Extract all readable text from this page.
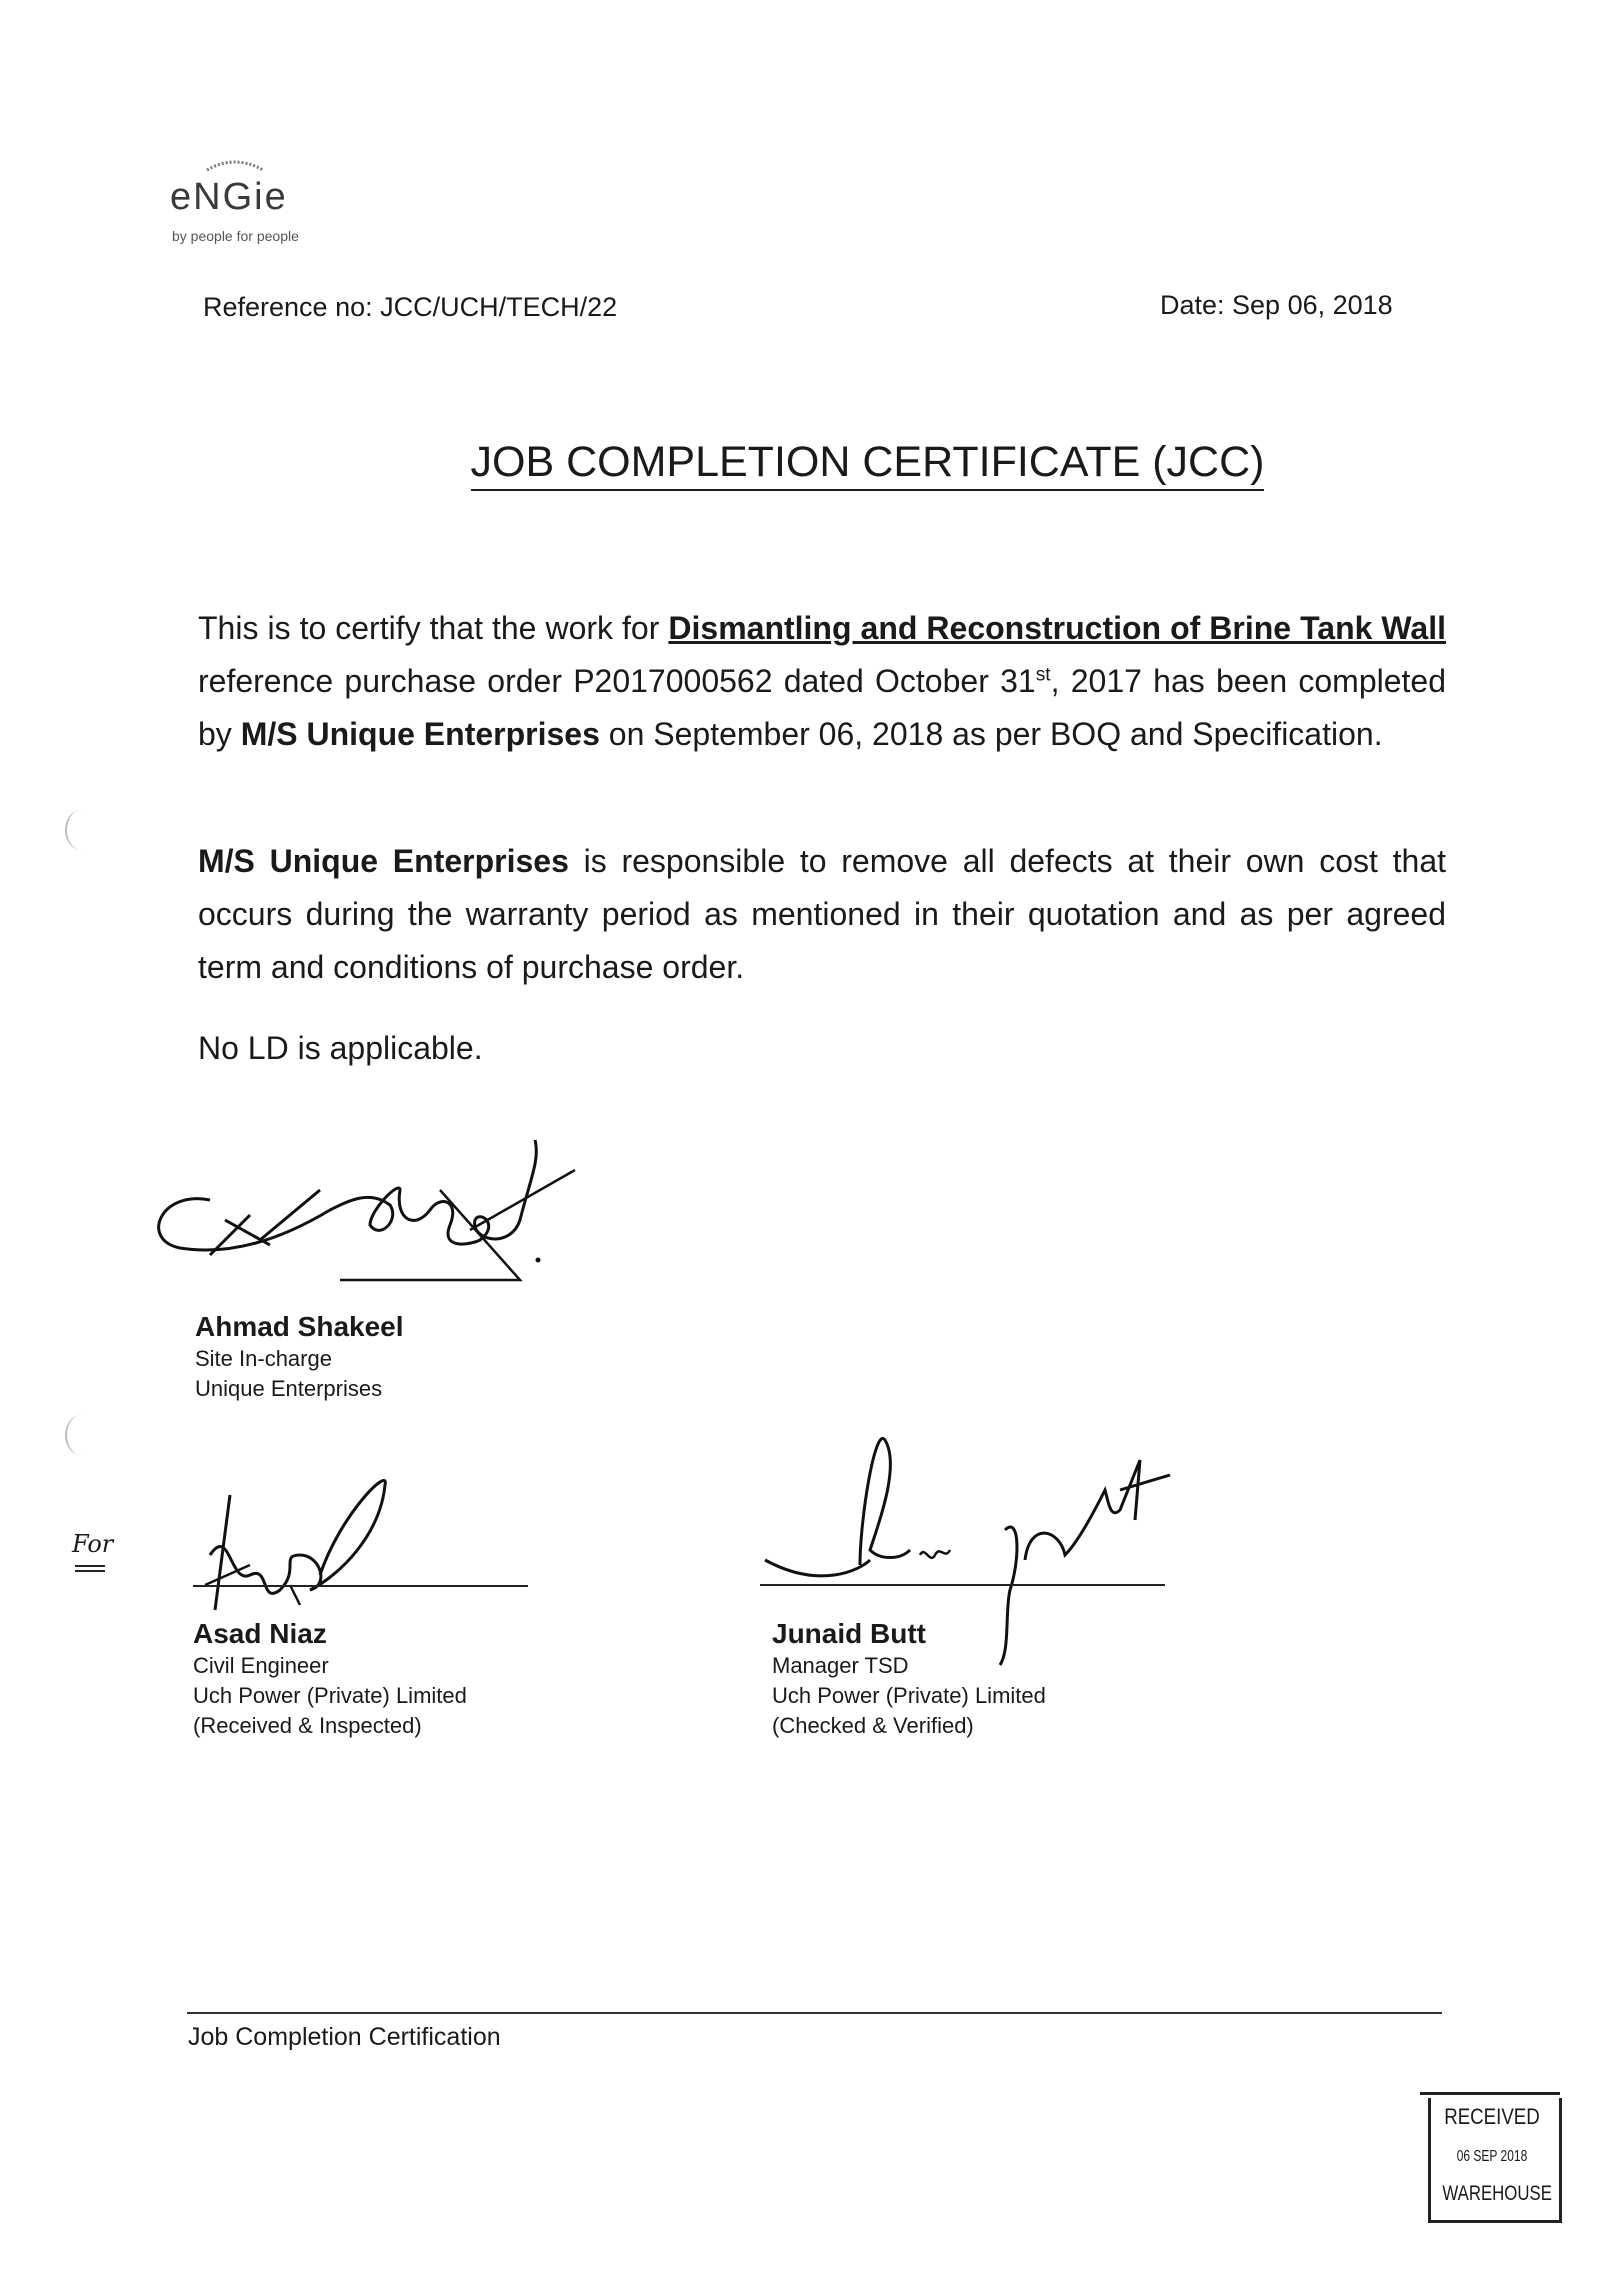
eNGie
by people for people
Reference no: JCC/UCH/TECH/22	Date: Sep 06, 2018
JOB COMPLETION CERTIFICATE (JCC)
This is to certify that the work for Dismantling and Reconstruction of Brine Tank Wall reference purchase order P2017000562 dated October 31st, 2017 has been completed by M/S Unique Enterprises on September 06, 2018 as per BOQ and Specification.
M/S Unique Enterprises is responsible to remove all defects at their own cost that occurs during the warranty period as mentioned in their quotation and as per agreed term and conditions of purchase order.
No LD is applicable.
Ahmad Shakeel
Site In-charge
Unique Enterprises
For
Asad Niaz
Civil Engineer
Uch Power (Private) Limited
(Received & Inspected)
Junaid Butt
Manager TSD
Uch Power (Private) Limited
(Checked & Verified)
Job Completion Certification
RECEIVED
06 SEP 2018
WAREHOUSE
